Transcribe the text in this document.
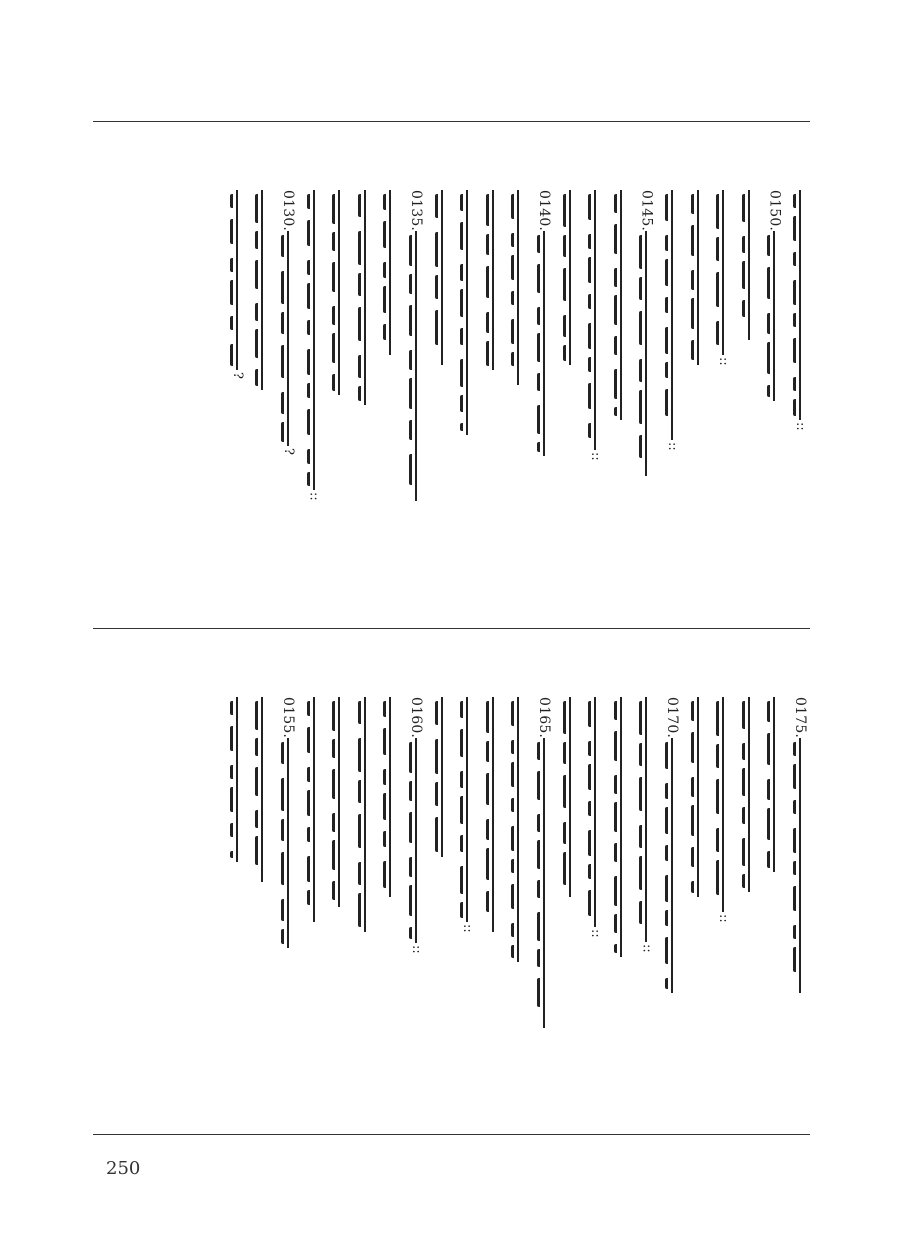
::
0150.
::
::
0145.
::
0140.
0135.
::
0130.
?
?
0175.
::
0170.
::
::
0165.
::
0160.
::
0155.
250
